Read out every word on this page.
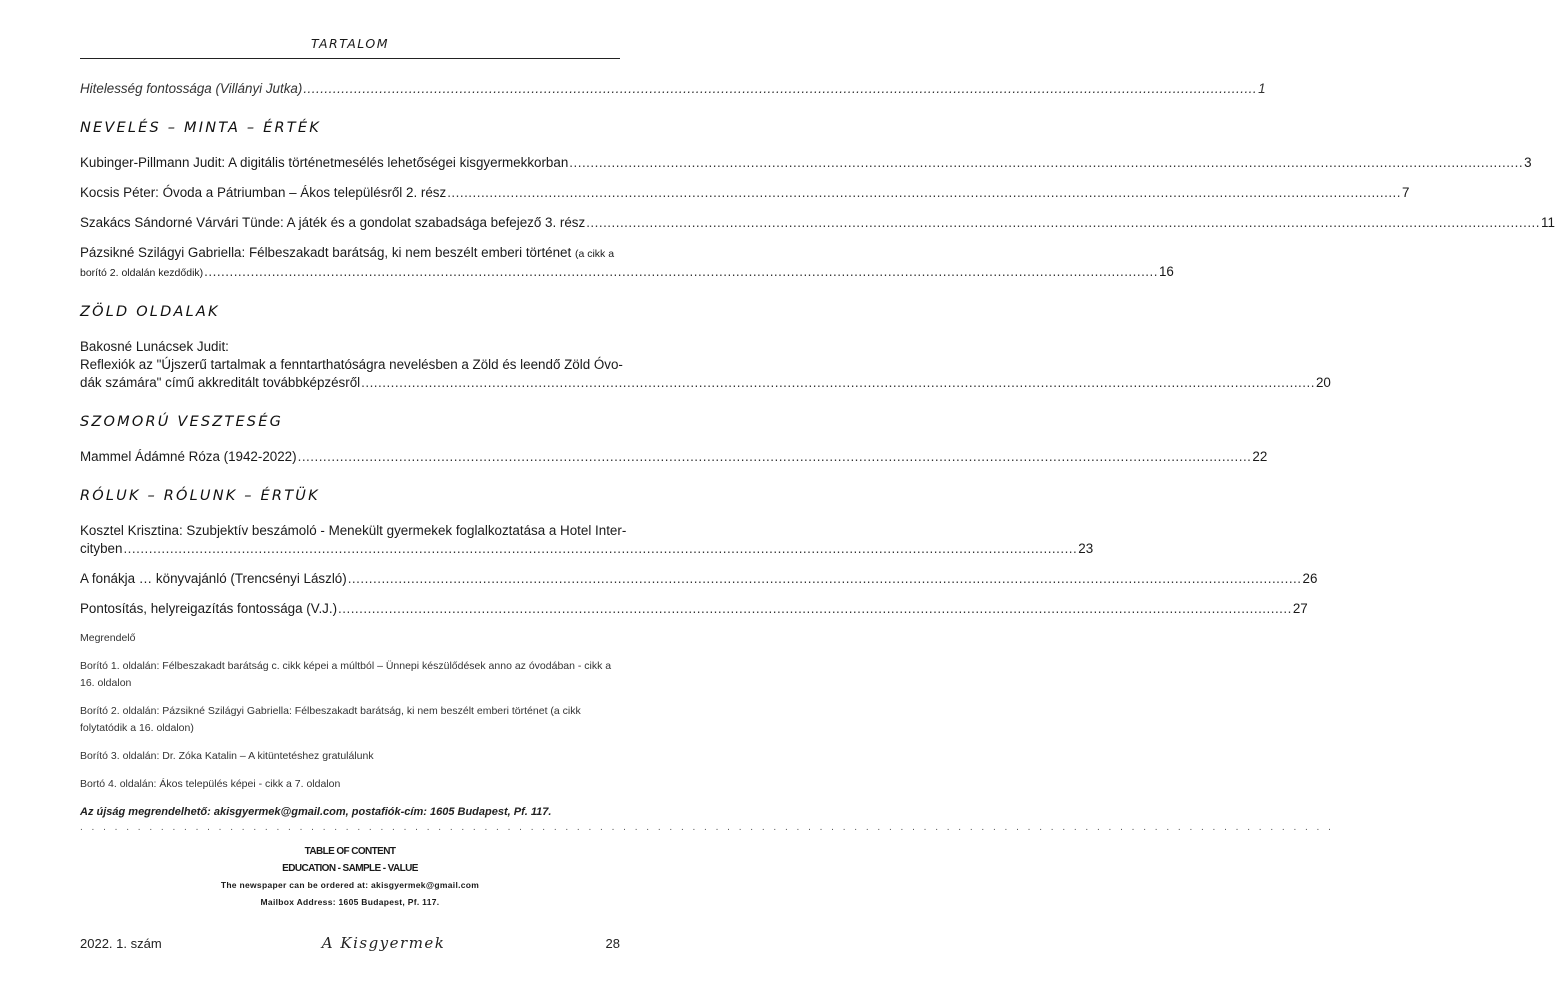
TARTALOM
Hitelesség fontossága (Villányi Jutka) .....	1
NEVELÉS – MINTA – ÉRTÉK
Kubinger-Pillmann Judit: A digitális történetmesélés lehetőségei kisgyermekkorban .....	3
Kocsis Péter: Óvoda a Pátriumban – Ákos településről 2. rész .....	7
Szakács Sándorné Várvári Tünde: A játék és a gondolat szabadsága befejező 3. rész .....	11
Pázsikné Szilágyi Gabriella: Félbeszakadt barátság, ki nem beszélt emberi történet (a cikk a
borító 2. oldalán kezdődik) .....	16
ZÖLD OLDALAK
Bakosné Lunácsek Judit:
Reflexiók az "Újszerű tartalmak a fenntarthatóságra nevelésben a Zöld és leendő Zöld Óvo-
dák számára" című akkreditált továbbképzésről .....	20
SZOMORÚ VESZTESÉG
Mammel Ádámné Róza (1942-2022) .....	22
RÓLUK – RÓLUNK – ÉRTÜK
Kosztel Krisztina: Szubjektív beszámoló - Menekült gyermekek foglalkoztatása a Hotel Inter-
cityben .....	23
A fonákja … könyvajánló (Trencsényi László) .....	26
Pontosítás, helyreigazítás fontossága (V.J.) .....	27
Megrendelő
Borító 1. oldalán: Félbeszakadt barátság c. cikk képei a múltból – Ünnepi készülődések anno az óvodában - cikk a 16. oldalon
Borító 2. oldalán: Pázsikné Szilágyi Gabriella: Félbeszakadt barátság, ki nem beszélt emberi történet (a cikk folytatódik a 16. oldalon)
Borító 3. oldalán: Dr. Zóka Katalin – A kitüntetéshez gratulálunk
Bortó 4. oldalán: Ákos település képei - cikk a 7. oldalon
Az újság megrendelhető: akisgyermek@gmail.com, postafiók-cím: 1605 Budapest, Pf. 117.
. . . . . . . . . . . . . . . . . . . . . . . . . . . . . . . . . . . . . . . . . . . . . . . . . . . . . . . . . . . . . . . . . . . . . . . . . . . . . . . . . . . . . . . . . . . . . . . . . . . . . . . . . . . . .
TABLE OF CONTENT
EDUCATION - SAMPLE - VALUE
The newspaper can be ordered at: akisgyermek@gmail.com
Mailbox Address: 1605 Budapest, Pf. 117.
2022. 1. szám	A Kisgyermek	28
